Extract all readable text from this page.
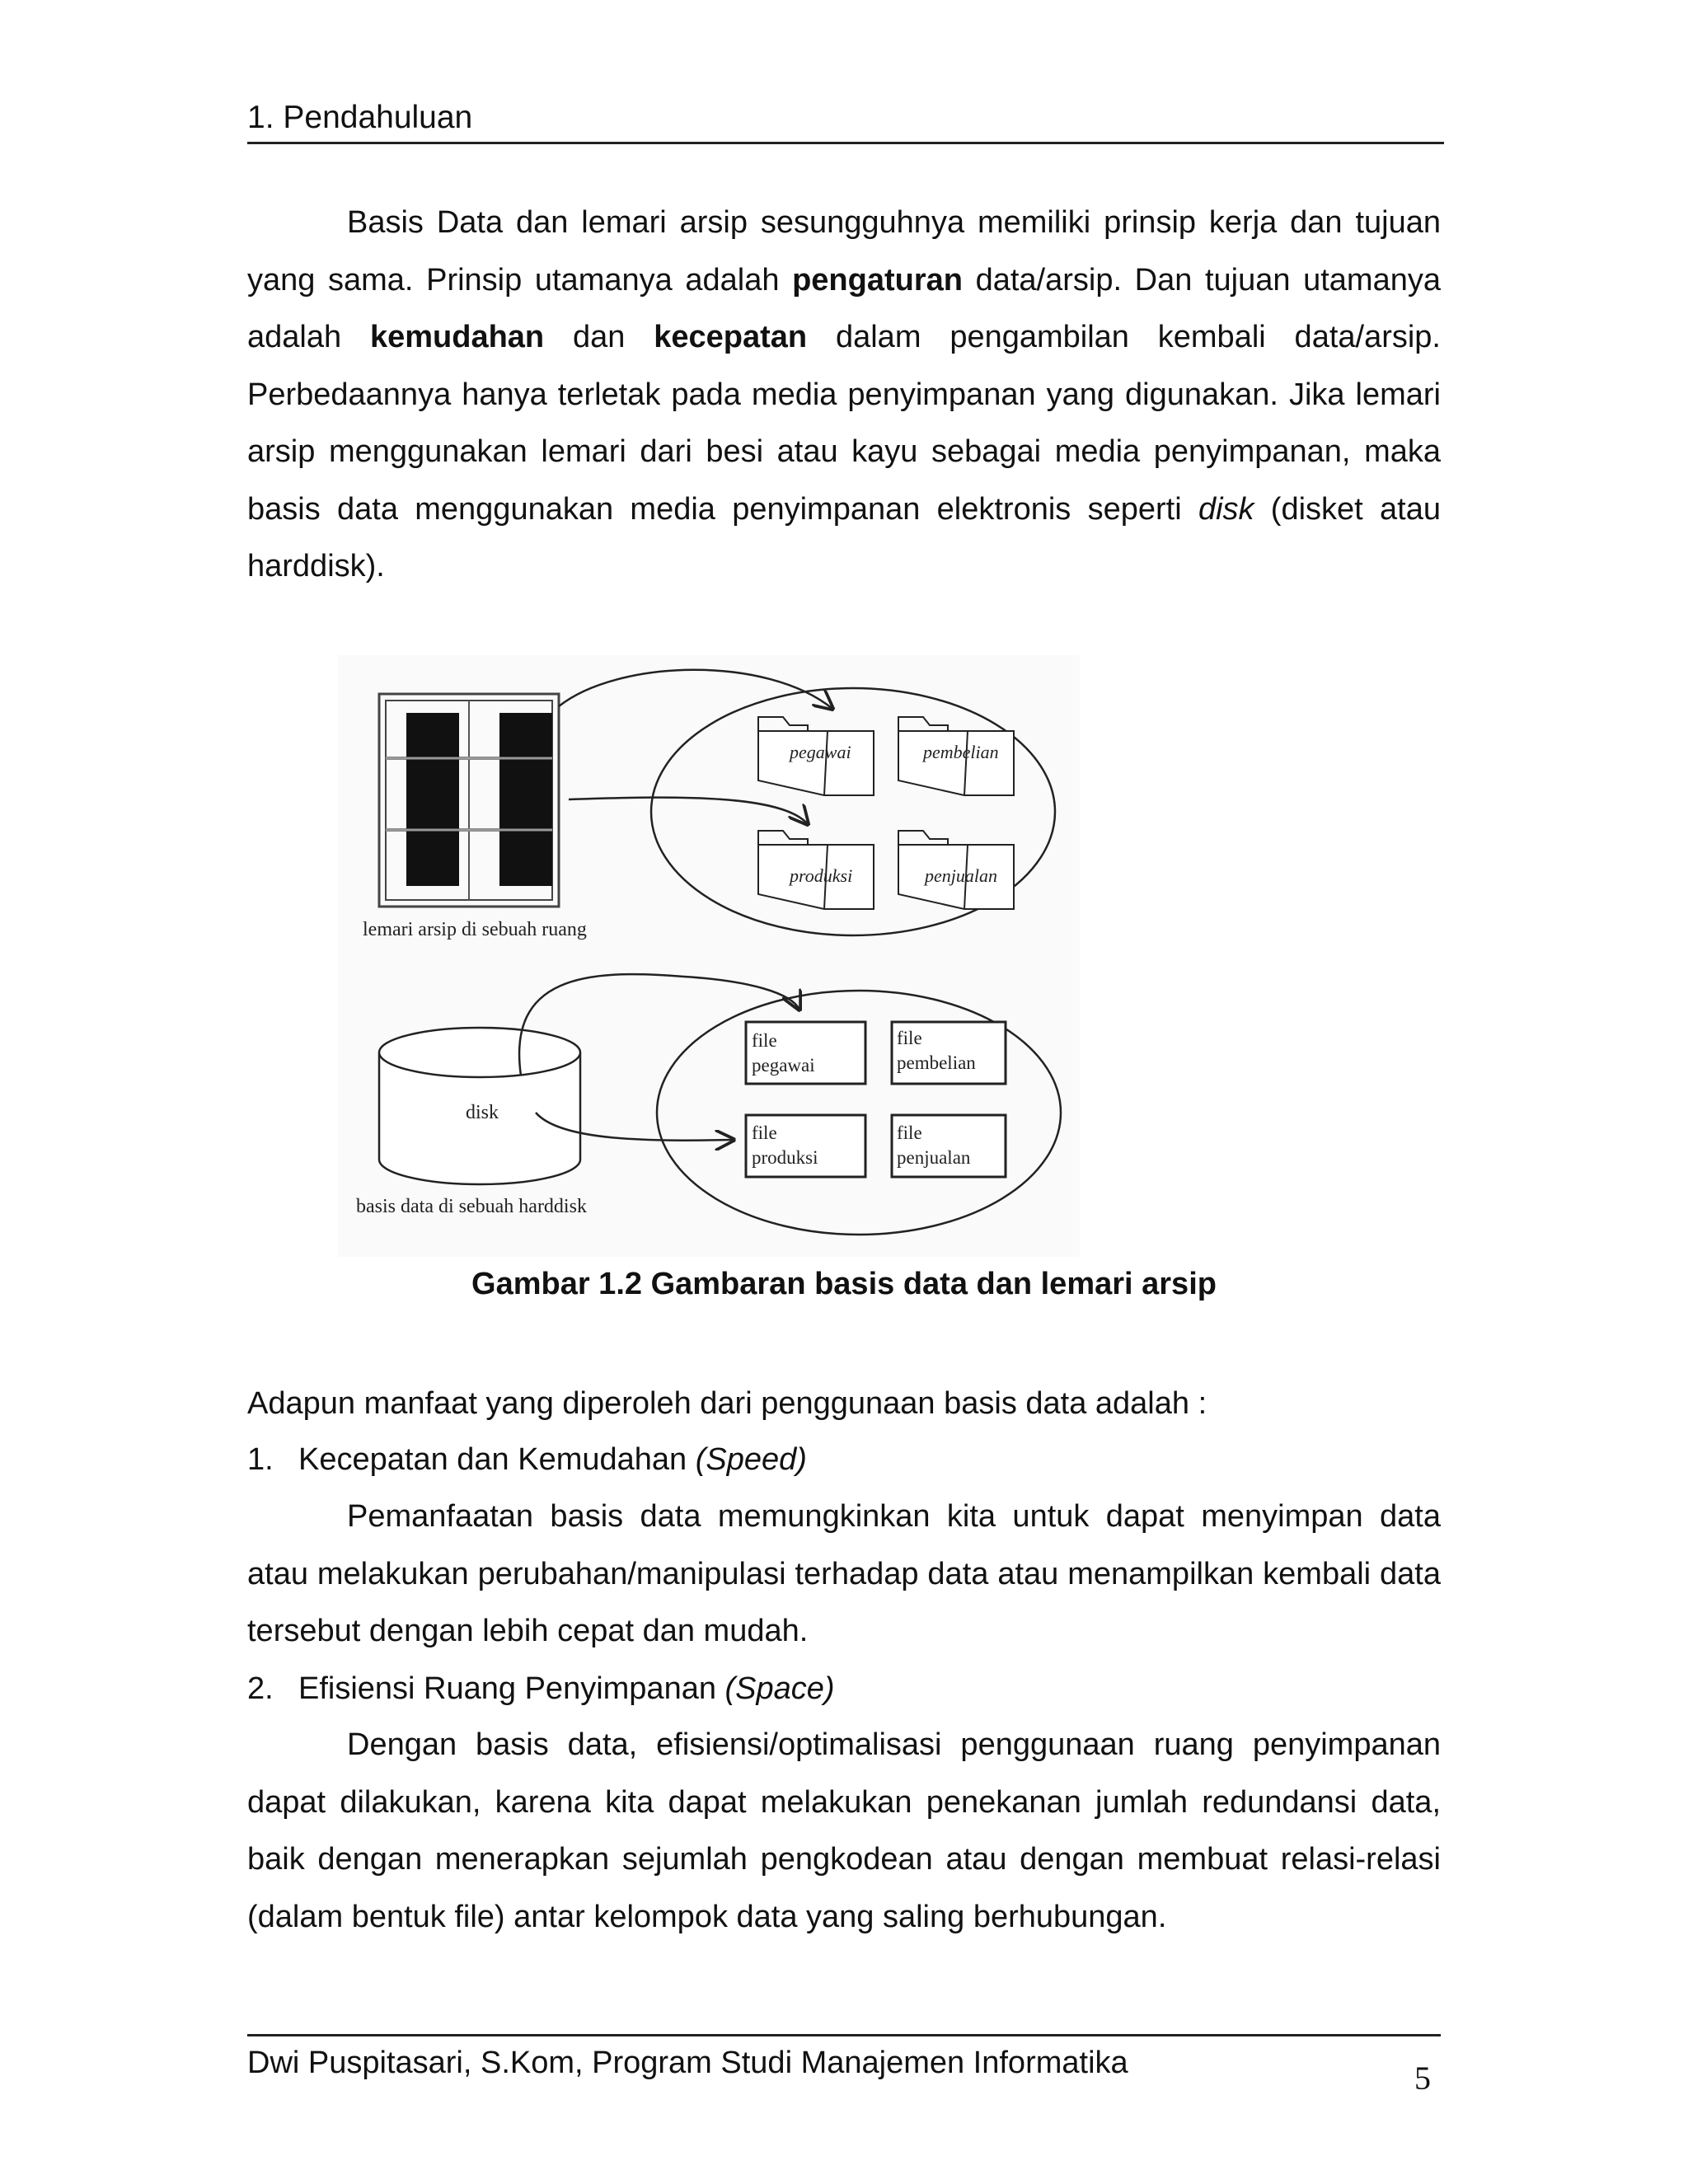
1. Pendahuluan

Basis Data dan lemari arsip sesungguhnya memiliki prinsip kerja dan tujuan yang sama. Prinsip utamanya adalah pengaturan data/arsip. Dan tujuan utamanya adalah kemudahan dan kecepatan dalam pengambilan kembali data/arsip. Perbedaannya hanya terletak pada media penyimpanan yang digunakan. Jika lemari arsip menggunakan lemari dari besi atau kayu sebagai media penyimpanan, maka basis data menggunakan media penyimpanan elektronis seperti disk (disket atau harddisk).

lemari arsip di sebuah ruang
pegawai	pembelian
produksi	penjualan
disk
basis data di sebuah harddisk
file
pegawai
file
pembelian
file
produksi
file
penjualan
Gambar 1.2 Gambaran basis data dan lemari arsip
Adapun manfaat yang diperoleh dari penggunaan basis data adalah :
1. Kecepatan dan Kemudahan (Speed)

Pemanfaatan basis data memungkinkan kita untuk dapat menyimpan data atau melakukan perubahan/manipulasi terhadap data atau menampilkan kembali data tersebut dengan lebih cepat dan mudah.

2. Efisiensi Ruang Penyimpanan (Space)

Dengan basis data, efisiensi/optimalisasi penggunaan ruang penyimpanan dapat dilakukan, karena kita dapat melakukan penekanan jumlah redundansi data, baik dengan menerapkan sejumlah pengkodean atau dengan membuat relasi-relasi (dalam bentuk file) antar kelompok data yang saling berhubungan.

Dwi Puspitasari, S.Kom, Program Studi Manajemen Informatika	5
